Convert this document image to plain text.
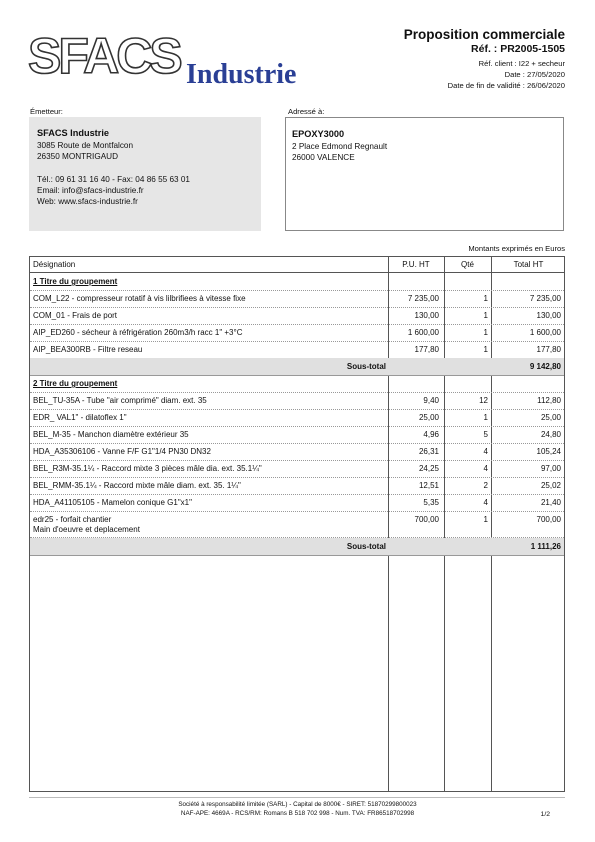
SFACS Industrie
Proposition commerciale
Réf. : PR2005-1505
Réf. client : I22 + secheur
Date : 27/05/2020
Date de fin de validité : 26/06/2020
Émetteur:
SFACS Industrie
3085 Route de Montfalcon
26350 MONTRIGAUD
Tél.: 09 61 31 16 40 - Fax: 04 86 55 63 01
Email: info@sfacs-industrie.fr
Web: www.sfacs-industrie.fr
Adressé à:
EPOXY3000
2 Place Edmond Regnault
26000 VALENCE
Montants exprimés en Euros
Désignation	P.U. HT	Qté	Total HT
1 Titre du groupement
COM_L22 - compresseur rotatif à vis lilbrifiees à vitesse fixe	7 235,00	1	7 235,00
COM_01 - Frais de port	130,00	1	130,00
AIP_ED260 - sécheur à réfrigération 260m3/h racc 1" +3°C	1 600,00	1	1 600,00
AIP_BEA300RB - Filtre reseau	177,80	1	177,80
Sous-total	9 142,80
2 Titre du groupement
BEL_TU-35A - Tube "air comprimé" diam. ext. 35	9,40	12	112,80
EDR_ VAL1" - dilatoflex 1"	25,00	1	25,00
BEL_M-35 - Manchon diamètre extérieur 35	4,96	5	24,80
HDA_A35306106 - Vanne F/F G1"1/4 PN30 DN32	26,31	4	105,24
BEL_R3M-35.1¼ - Raccord mixte 3 pièces mâle dia. ext. 35.1¼"	24,25	4	97,00
BEL_RMM-35.1¼ - Raccord mixte mâle diam. ext. 35. 1¼"	12,51	2	25,02
HDA_A41105105 - Mamelon conique G1"x1"	5,35	4	21,40
edr25 - forfait chantier
Main d'oeuvre et deplacement
700,00	1	700,00
Sous-total	1 111,26
Société à responsabilité limitée (SARL) - Capital de 8000€ - SIRET: 51870299800023
NAF-APE: 4669A - RCS/RM: Romans B 518 702 998 - Num. TVA: FR86518702998	1/2
